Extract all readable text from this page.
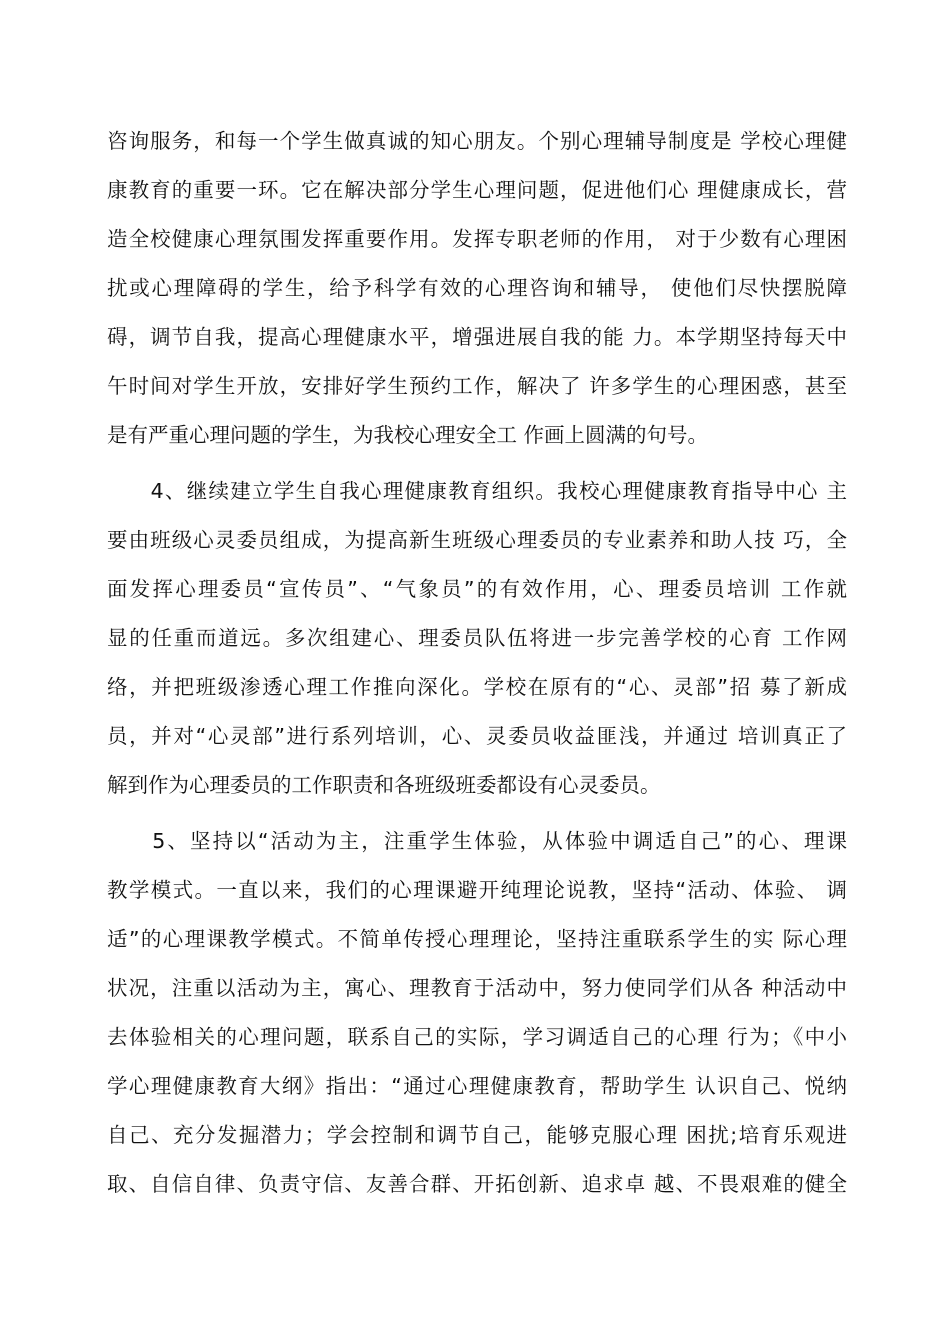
咨询服务，和每一个学生做真诚的知心朋友。个别心理辅导制度是 学校心理健
康教育的重要一环。它在解决部分学生心理问题，促进他们心 理健康成长，营
造全校健康心理氛围发挥重要作用。发挥专职老师的作用， 对于少数有心理困
扰或心理障碍的学生，给予科学有效的心理咨询和辅导， 使他们尽快摆脱障
碍，调节自我，提高心理健康水平，增强进展自我的能 力。本学期坚持每天中
午时间对学生开放，安排好学生预约工作，解决了 许多学生的心理困惑，甚至
是有严重心理问题的学生，为我校心理安全工 作画上圆满的句号。
　　4、继续建立学生自我心理健康教育组织。我校心理健康教育指导中心 主
要由班级心灵委员组成，为提高新生班级心理委员的专业素养和助人技 巧，全
面发挥心理委员“宣传员”、“气象员”的有效作用，心、理委员培训 工作就
显的任重而道远。多次组建心、理委员队伍将进一步完善学校的心育 工作网
络，并把班级渗透心理工作推向深化。学校在原有的“心、灵部”招 募了新成
员，并对“心灵部”进行系列培训，心、灵委员收益匪浅，并通过 培训真正了
解到作为心理委员的工作职责和各班级班委都设有心灵委员。
　　5、坚持以“活动为主，注重学生体验，从体验中调适自己”的心、理课
教学模式。一直以来，我们的心理课避开纯理论说教，坚持“活动、体验、 调
适”的心理课教学模式。不简单传授心理理论，坚持注重联系学生的实 际心理
状况，注重以活动为主，寓心、理教育于活动中，努力使同学们从各 种活动中
去体验相关的心理问题，联系自己的实际，学习调适自己的心理 行为；《中小
学心理健康教育大纲》指出：“通过心理健康教育，帮助学生 认识自己、悦纳
自己、充分发掘潜力；学会控制和调节自己，能够克服心理 困扰;培育乐观进
取、自信自律、负责守信、友善合群、开拓创新、追求卓 越、不畏艰难的健全
